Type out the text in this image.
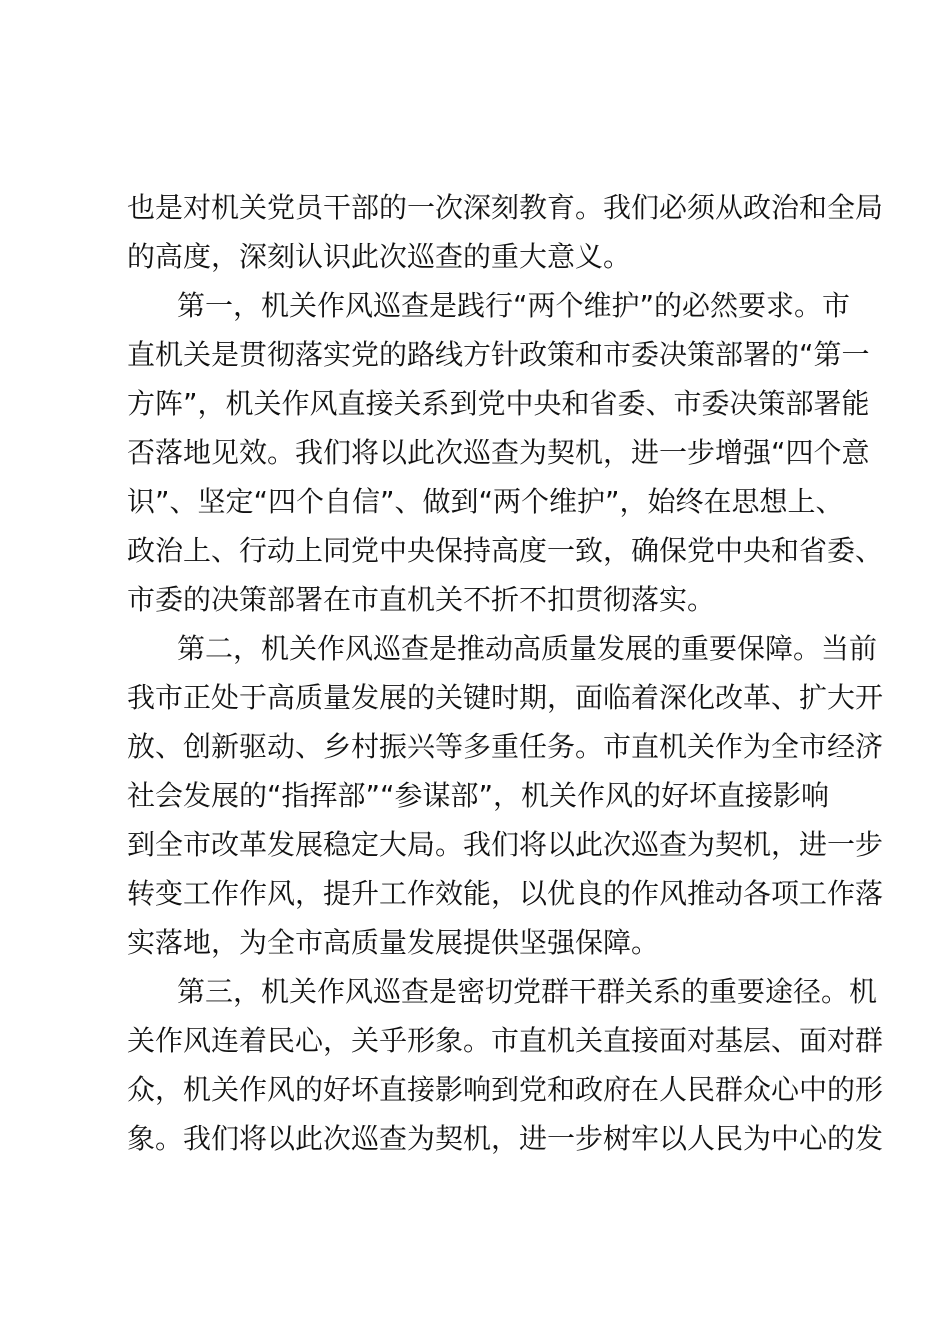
也是对机关党员干部的一次深刻教育。我们必须从政治和全局
的高度，深刻认识此次巡查的重大意义。
第一，机关作风巡查是践行“两个维护”的必然要求。市
直机关是贯彻落实党的路线方针政策和市委决策部署的“第一
方阵”，机关作风直接关系到党中央和省委、市委决策部署能
否落地见效。我们将以此次巡查为契机，进一步增强“四个意
识”、坚定“四个自信”、做到“两个维护”，始终在思想上、
政治上、行动上同党中央保持高度一致，确保党中央和省委、
市委的决策部署在市直机关不折不扣贯彻落实。
第二，机关作风巡查是推动高质量发展的重要保障。当前
我市正处于高质量发展的关键时期，面临着深化改革、扩大开
放、创新驱动、乡村振兴等多重任务。市直机关作为全市经济
社会发展的“指挥部”“参谋部”，机关作风的好坏直接影响
到全市改革发展稳定大局。我们将以此次巡查为契机，进一步
转变工作作风，提升工作效能，以优良的作风推动各项工作落
实落地，为全市高质量发展提供坚强保障。
第三，机关作风巡查是密切党群干群关系的重要途径。机
关作风连着民心，关乎形象。市直机关直接面对基层、面对群
众，机关作风的好坏直接影响到党和政府在人民群众心中的形
象。我们将以此次巡查为契机，进一步树牢以人民为中心的发
